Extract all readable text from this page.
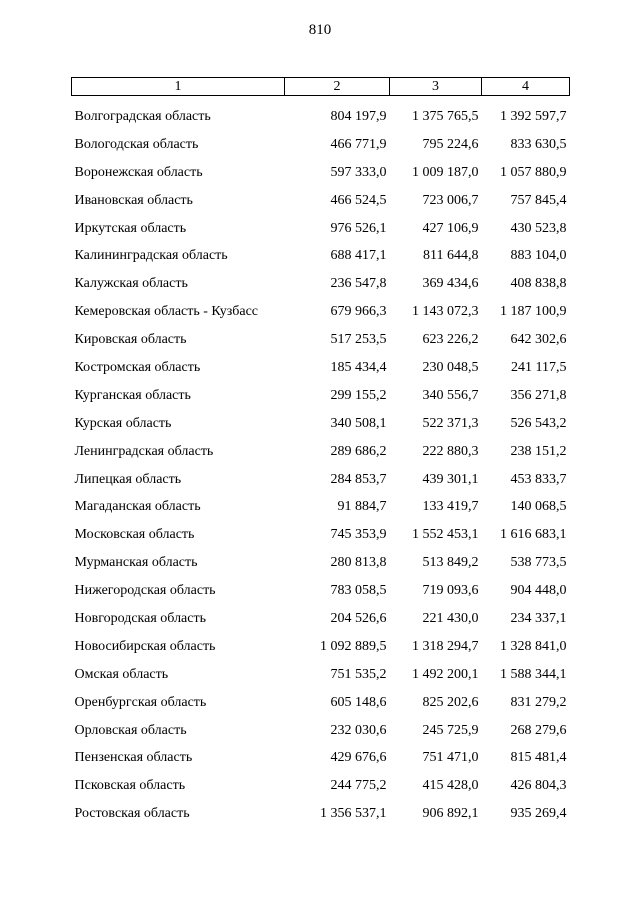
810
1	2	3	4
Волгоградская область	804 197,9	1 375 765,5	1 392 597,7
Вологодская область	466 771,9	795 224,6	833 630,5
Воронежская область	597 333,0	1 009 187,0	1 057 880,9
Ивановская область	466 524,5	723 006,7	757 845,4
Иркутская область	976 526,1	427 106,9	430 523,8
Калининградская область	688 417,1	811 644,8	883 104,0
Калужская область	236 547,8	369 434,6	408 838,8
Кемеровская область - Кузбасс	679 966,3	1 143 072,3	1 187 100,9
Кировская область	517 253,5	623 226,2	642 302,6
Костромская область	185 434,4	230 048,5	241 117,5
Курганская область	299 155,2	340 556,7	356 271,8
Курская область	340 508,1	522 371,3	526 543,2
Ленинградская область	289 686,2	222 880,3	238 151,2
Липецкая область	284 853,7	439 301,1	453 833,7
Магаданская область	91 884,7	133 419,7	140 068,5
Московская область	745 353,9	1 552 453,1	1 616 683,1
Мурманская область	280 813,8	513 849,2	538 773,5
Нижегородская область	783 058,5	719 093,6	904 448,0
Новгородская область	204 526,6	221 430,0	234 337,1
Новосибирская область	1 092 889,5	1 318 294,7	1 328 841,0
Омская область	751 535,2	1 492 200,1	1 588 344,1
Оренбургская область	605 148,6	825 202,6	831 279,2
Орловская область	232 030,6	245 725,9	268 279,6
Пензенская область	429 676,6	751 471,0	815 481,4
Псковская область	244 775,2	415 428,0	426 804,3
Ростовская область	1 356 537,1	906 892,1	935 269,4
